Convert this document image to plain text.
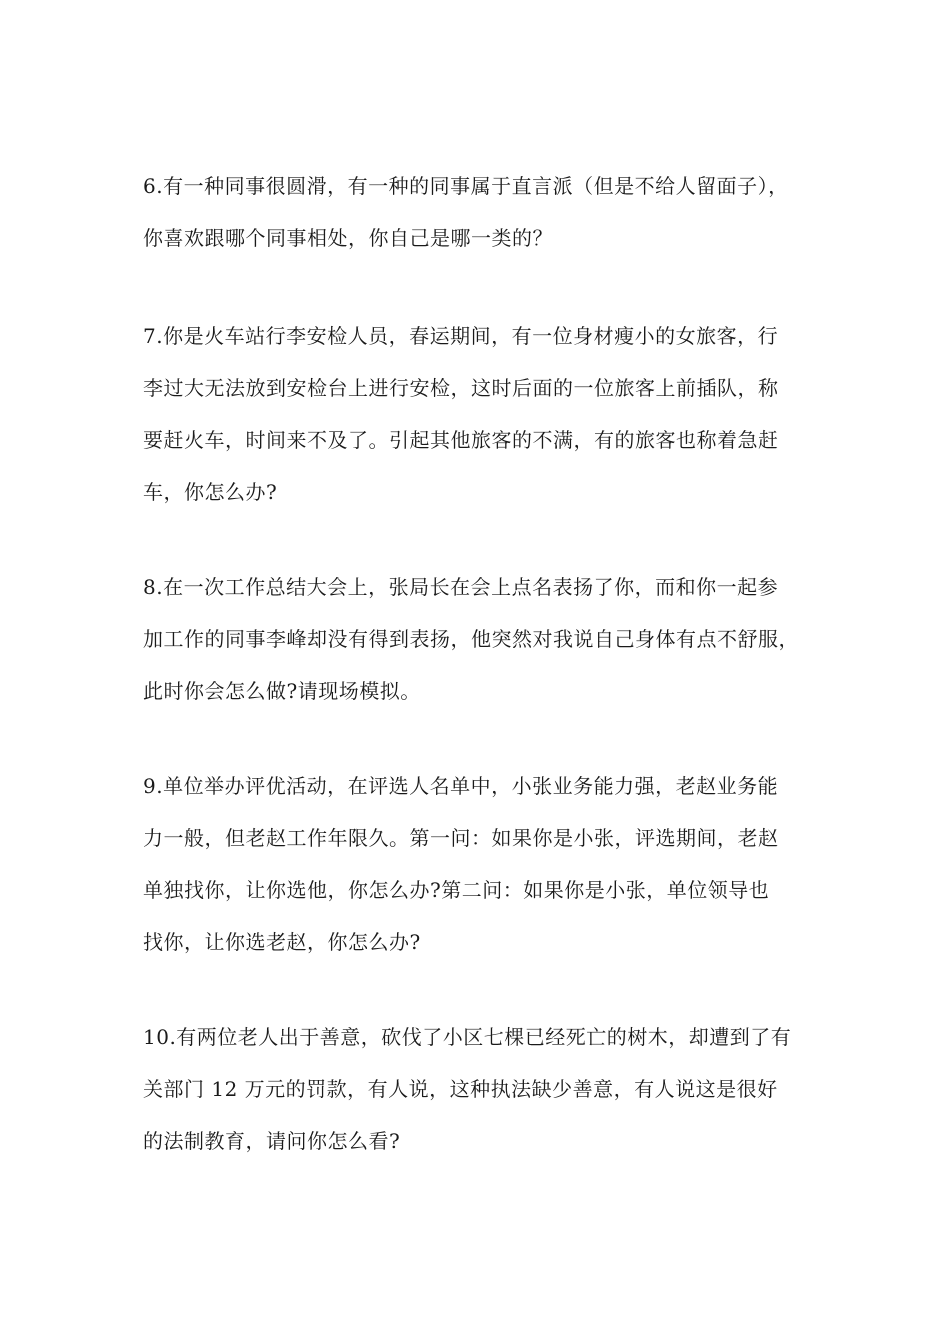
6.有一种同事很圆滑，有一种的同事属于直言派（但是不给人留面子），
你喜欢跟哪个同事相处，你自己是哪一类的？

7.你是火车站行李安检人员，春运期间，有一位身材瘦小的女旅客，行
李过大无法放到安检台上进行安检，这时后面的一位旅客上前插队，称
要赶火车，时间来不及了。引起其他旅客的不满，有的旅客也称着急赶
车，你怎么办?

8.在一次工作总结大会上，张局长在会上点名表扬了你，而和你一起参
加工作的同事李峰却没有得到表扬，他突然对我说自己身体有点不舒服，
此时你会怎么做?请现场模拟。

9.单位举办评优活动，在评选人名单中，小张业务能力强，老赵业务能
力一般，但老赵工作年限久。第一问：如果你是小张，评选期间，老赵
单独找你，让你选他，你怎么办?第二问：如果你是小张，单位领导也
找你，让你选老赵，你怎么办?

10.有两位老人出于善意，砍伐了小区七棵已经死亡的树木，却遭到了有
关部门 12 万元的罚款，有人说，这种执法缺少善意，有人说这是很好
的法制教育，请问你怎么看?
